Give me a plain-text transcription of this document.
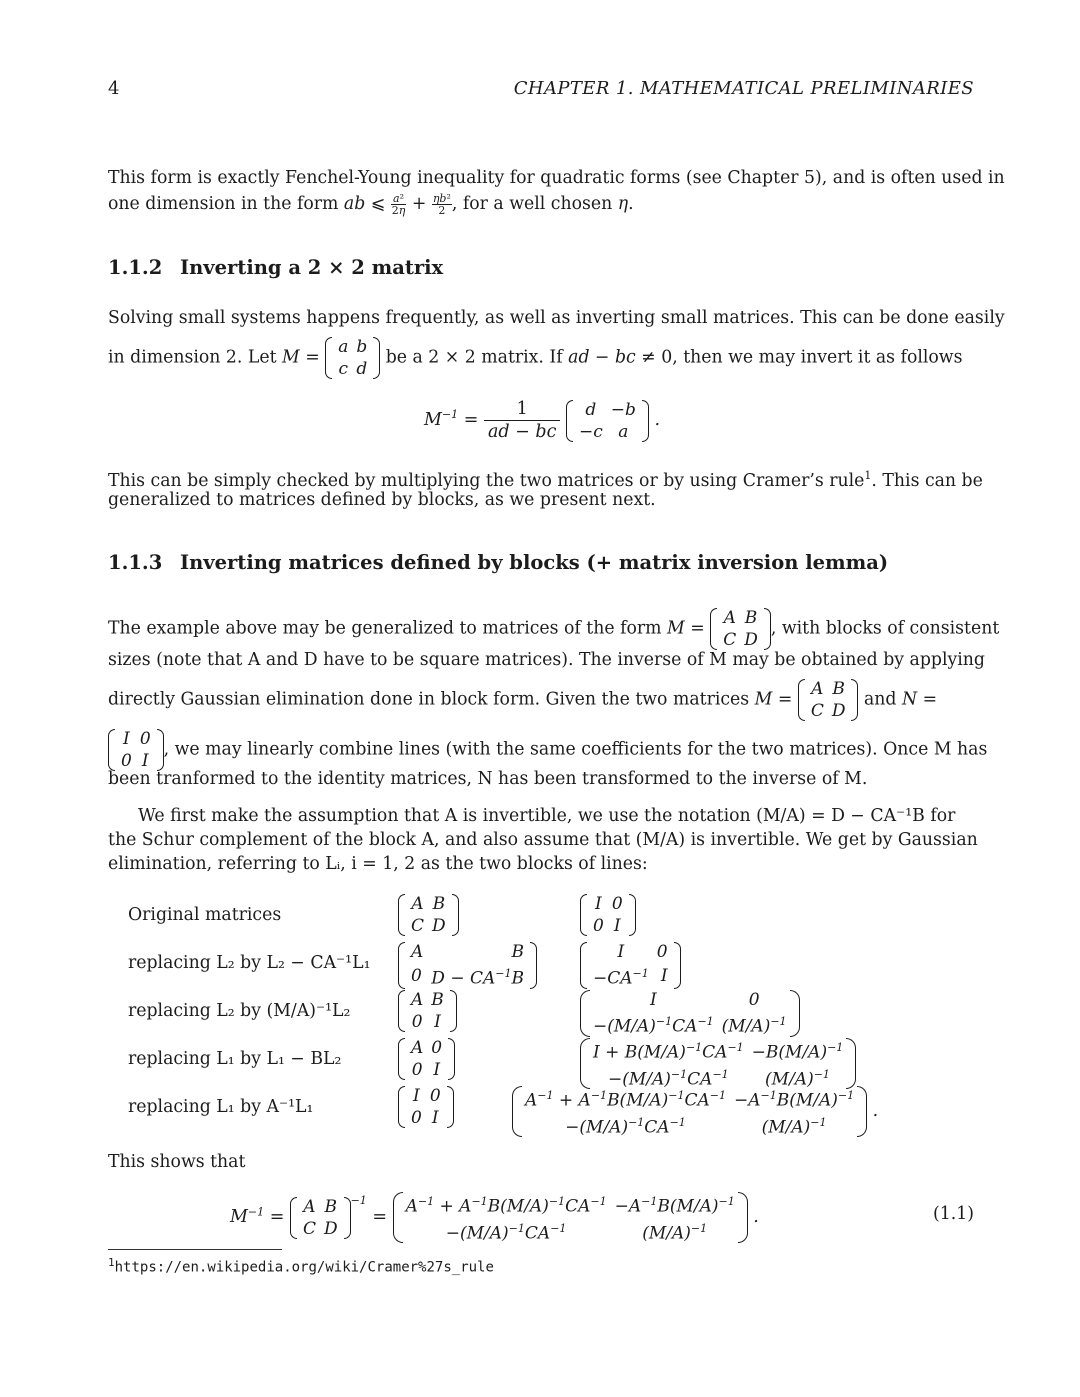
4	CHAPTER 1. MATHEMATICAL PRELIMINARIES
This form is exactly Fenchel-Young inequality for quadratic forms (see Chapter 5), and is often used in
one dimension in the form ab ⩽ $\frac{\text{a²}}{2\eta} + \frac{\text{ηb²}}{2}$ , for a well chosen η.
1.1.2 Inverting a 2 × 2 matrix
Solving small systems happens frequently, as well as inverting small matrices. This can be done easily
in dimension 2. Let M =
a	b
c	d
be a 2 × 2 matrix. If ad − bc ≠ 0, then we may invert it as follows
$M^{-1} = \frac{1}{ad - bc}$
d	−b
−c	a
.
This can be simply checked by multiplying the two matrices or by using Cramer’s rule$^1$. This can be
generalized to matrices defined by blocks, as we present next.
1.1.3 Inverting matrices defined by blocks (+ matrix inversion lemma)
The example above may be generalized to matrices of the form M =
A	B
C	D
, with blocks of consistent
sizes (note that A and D have to be square matrices). The inverse of M may be obtained by applying
directly Gaussian elimination done in block form. Given the two matrices M =
A	B
C	D
and N =
I	0
0	I
, we may linearly combine lines (with the same coefficients for the two matrices). Once M has
been tranformed to the identity matrices, N has been transformed to the inverse of M.
We first make the assumption that A is invertible, we use the notation (M/A) = D − CA⁻¹B for
the Schur complement of the block A, and also assume that (M/A) is invertible. We get by Gaussian
elimination, referring to Lᵢ, i = 1, 2 as the two blocks of lines:
Original matrices
A	B
C	D
I	0
0	I
replacing L₂ by L₂ − CA⁻¹L₁
A	B
0	$D - CA^{-1}B$
I	0
$-CA^{-1}$	I
replacing L₂ by (M/A)⁻¹L₂
A	B
0	I
I	0
$-(M/A)^{-1}CA^{-1}$	$(M/A)^{-1}$
replacing L₁ by L₁ − BL₂
A	0
0	I
$I + B(M/A)^{-1}CA^{-1}$	$-B(M/A)^{-1}$
$-(M/A)^{-1}CA^{-1}$	$(M/A)^{-1}$
replacing L₁ by A⁻¹L₁
I	0
0	I
$A^{-1} + A^{-1}B(M/A)^{-1}CA^{-1}$	$-A^{-1}B(M/A)^{-1}$
$-(M/A)^{-1}CA^{-1}$	$(M/A)^{-1}$
.
This shows that
$M^{-1}$ =
A	B
C	D
$^{-1}$ =
$A^{-1} + A^{-1}B(M/A)^{-1}CA^{-1}$	$-A^{-1}B(M/A)^{-1}$
$-(M/A)^{-1}CA^{-1}$	$(M/A)^{-1}$
.	(1.1)
$^1$https://en.wikipedia.org/wiki/Cramer%27s_rule
